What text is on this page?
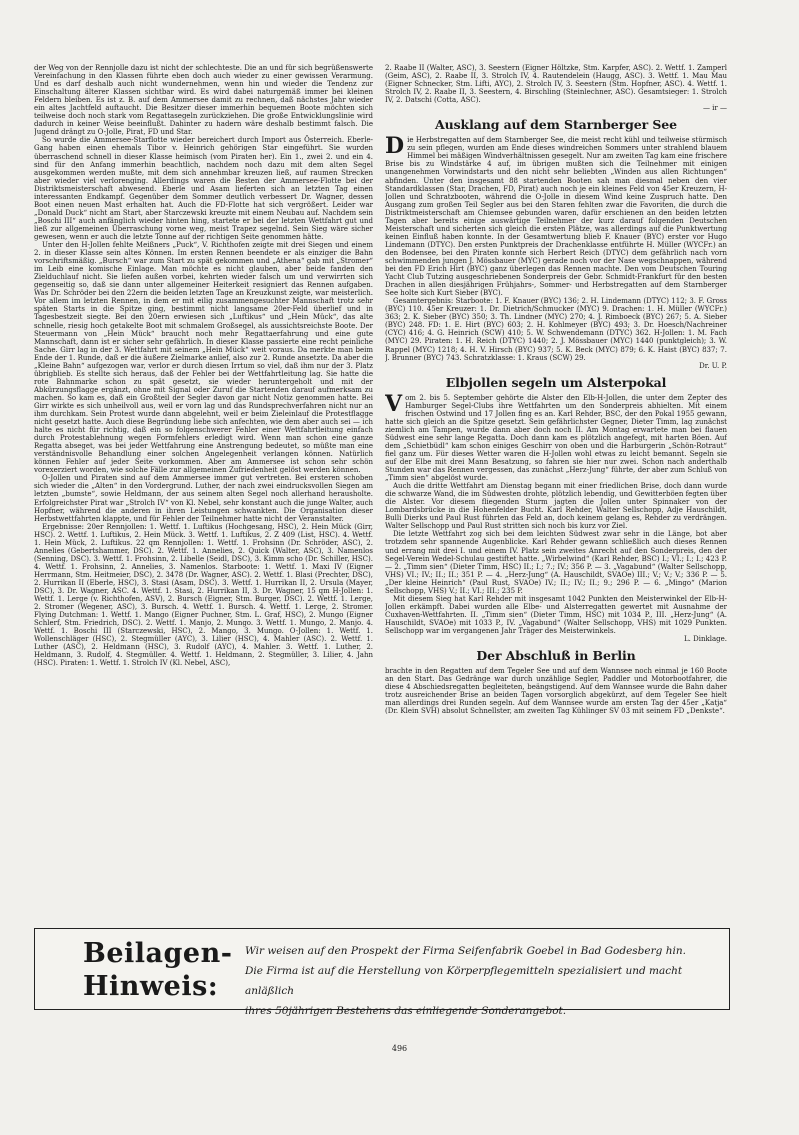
der Weg von der Rennjolle dazu ist nicht der schlechteste. Die an und für sich begrüßenswerte Vereinfachung in den Klassen führte eben doch auch wieder zu einer gewissen Verarmung. Und es darf deshalb auch nicht wundernehmen, wenn hin und wieder die Tendenz zur Einschaltung älterer Klassen sichtbar wird. Es wird dabei naturgemäß immer bei kleinen Feldern bleiben. Es ist z. B. auf dem Ammersee damit zu rechnen, daß nächstes Jahr wieder ein altes Jachtfeld auftaucht. Die Besitzer dieser immerhin bequemen Boote möchten sich teilweise doch noch stark vom Regattasegeln zurückziehen. Die große Entwicklungslinie wird dadurch in keiner Weise beeinflußt. Dahinter zu hadern wäre deshalb bestimmt falsch. Die Jugend drängt zu O-Jolle, Pirat, FD und Star.

So wurde die Ammersee-Starflotte wieder bereichert durch Import aus Österreich. Eberle-Gang haben einen ehemals Tibor v. Heinrich gehörigen Star eingeführt. Sie wurden überraschend schnell in dieser Klasse heimisch (vom Piraten her). Ein 1., zwei 2. und ein 4. sind für den Anfang immerhin beachtlich, nachdem noch dazu mit dem alten Segel ausgekommen werden mußte, mit dem sich annehmbar kreuzen ließ, auf raumen Strecken aber wieder viel verlorenging. Allerdings waren die Besten der Ammersee-Flotte bei der Distriktsmeisterschaft abwesend. Eberle und Asam lieferten sich an letzten Tag einen interessanten Endkampf. Gegenüber dem Sommer deutlich verbessert Dr. Wagner, dessen Boot einen neuen Mast erhalten hat. Auch die FD-Flotte hat sich vergrößert. Leider war „Donald Duck“ nicht am Start, aber Starczewski kreuzte mit einem Neubau auf. Nachdem sein „Boschi III“ auch anfänglich wieder hinten hing, startete er bei der letzten Wettfahrt gut und ließ zur allgemeinen Überraschung vorne weg, meist Trapez segelnd. Sein Sieg wäre sicher gewesen, wenn er auch die letzte Tonne auf der richtigen Seite genommen hätte.

Unter den H-Jollen fehlte Meißners „Puck“, V. Richthofen zeigte mit drei Siegen und einem 2. in dieser Klasse sein altes Können. Im ersten Rennen beendete er als einziger die Bahn vorschriftsmäßig. „Bursch“ war zum Start zu spät gekommen und „Athena“ gab mit „Stromer“ im Leib eine komische Einlage. Man möchte es nicht glauben, aber beide fanden den Zielduchlauf nicht. Sie liefen außen vorbei, kehrten wieder falsch um und verwirrten sich gegenseitig so, daß sie dann unter allgemeiner Heiterkeit resigniert das Rennen aufgaben. Was Dr. Schröder bei den 22ern die beiden letzten Tage an Kreuzkunst zeigte, war meisterlich. Vor allem im letzten Rennen, in dem er mit eilig zusammengesuchter Mannschaft trotz sehr späten Starts in die Spitze ging, bestimmt nicht langsame 20er-Feld überlief und in Tagesbestzeit siegte. Bei den 20ern erwiesen sich „Luftikus“ und „Hein Mück“, das alte schnelle, riesig hoch getakelte Boot mit schmalem Großsegel, als aussichtsreichste Boote. Der Steuermann von „Hein Mück“ braucht noch mehr Regattaerfahrung und eine gute Mannschaft, dann ist er sicher sehr gefährlich. In dieser Klasse passierte eine recht peinliche Sache. Girr lag in der 3. Wettfahrt mit seinem „Hein Mück“ weit voraus. Da merkte man beim Ende der 1. Runde, daß er die äußere Zielmarke anlief, also zur 2. Runde ansetzte. Da aber die „Kleine Bahn“ aufgezogen war, verlor er durch diesen Irrtum so viel, daß ihm nur der 3. Platz übrigblieb. Es stellte sich heraus, daß der Fehler bei der Wettfahrtleitung lag. Sie hatte die rote Bahnmarke schon zu spät gesetzt, sie wieder heruntergeholt und mit der Abkürzungsflagge ergänzt, ohne mit Signal oder Zuruf die Startenden darauf aufmerksam zu machen. So kam es, daß ein Großteil der Segler davon gar nicht Notiz genommen hatte. Bei Girr wirkte es sich unheilvoll aus, weil er vorn lag und das Rundsprechverfahren nicht nur an ihm durchkam. Sein Protest wurde dann abgelehnt, weil er beim Zieleinlauf die Protestflagge nicht gesetzt hatte. Auch diese Begründung liebe sich anfechten, wie dem aber auch sei — ich halte es nicht für richtig, daß ein so folgenschwerer Fehler einer Wettfahrtleitung einfach durch Protestablehnung wegen Formfehlers erledigt wird. Wenn man schon eine ganze Regatta abseget, was bei jeder Wettfahrung eine Anstrengung bedeutet, so müßte man eine verständnisvolle Behandlung einer solchen Angelegenheit verlangen können. Natürlich können Fehler auf jeder Seite vorkommen. Aber am Ammersee ist schon sehr schön vorexerziert worden, wie solche Fälle zur allgemeinen Zufriedenheit gelöst werden können.

O-Jollen und Piraten sind auf dem Ammersee immer gut vertreten. Bei ersteren schoben sich wieder die „Alten“ in den Vordergrund. Luther, der nach zwei eindrucksvollen Siegen am letzten „bumste“, sowie Heldmann, der aus seinem alten Segel noch allerhand herausholte. Erfolgreichster Pirat war „Strolch IV“ von Kl. Nebel, sehr konstant auch die junge Walter, auch Hopfner, während die anderen in ihren Leistungen schwankten. Die Organisation dieser Herbstwettfahrten klappte, und für Fehler der Teilnehmer hatte nicht der Veranstalter.

Ergebnisse: 20er Rennjollen: 1. Wettf. 1. Luftikus (Hochgesang, HSC), 2. Hein Mück (Girr, HSC). 2. Wettf. 1. Luftikus, 2. Hein Mück. 3. Wettf. 1. Luftikus, 2. Z 409 (List, HSC). 4. Wettf. 1. Hein Mück, 2. Luftikus. 22 qm Rennjollen: 1. Wettf. 1. Frohsinn (Dr. Schröder, ASC), 2. Annelies (Gebertshammer, DSC). 2. Wettf. 1. Annelies, 2. Quick (Walter, ASC), 3. Namenlos (Senning, DSC). 3. Wettf. 1. Frohsinn, 2. Libelle (Seidl, DSC), 3. Kimm scho (Dr. Schiller, HSC). 4. Wettf. 1. Frohsinn, 2. Annelies, 3. Namenlos. Starboote: 1. Wettf. 1. Maxi IV (Eigner Herrmann, Stm. Heitmeier, DSC), 2. 3478 (Dr. Wagner, ASC). 2. Wettf. 1. Blasi (Prechter, DSC), 2. Hurrikan II (Eberle, HSC), 3. Stasi (Asam, DSC). 3. Wettf. 1. Hurrikan II, 2. Ursula (Mayer, DSC), 3. Dr. Wagner, ASC. 4. Wettf. 1. Stasi, 2. Hurrikan II, 3. Dr. Wagner, 15 qm H-Jollen: 1. Wettf. 1. Lerge (v. Richthofen, ASV), 2. Bursch (Eigner, Stm. Burger, DSC). 2. Wettf. 1. Lerge, 2. Stromer (Wegener, ASC), 3. Bursch. 4. Wettf. 1. Bursch. 4. Wettf. 1. Lerge, 2. Stromer. Flying Dutchman: 1. Wettf. 1. Mango (Eigner Puchner, Stm. L. Graf, HSC), 2. Mungo (Eigner Schlerf, Stm. Friedrich, DSC). 2. Wettf. 1. Manjo, 2. Mungo. 3. Wettf. 1. Mungo, 2. Manjo. 4. Wettf. 1. Boschi III (Starczewski, HSC), 2. Mango, 3. Mungo. O-Jollen: 1. Wettf. 1. Wollenschläger (HSC), 2. Stegmüller (AYC), 3. Lilier (HSC), 4. Mahler (ASC). 2. Wettf. 1. Luther (ASC), 2. Heldmann (HSC), 3. Rudolf (AYC), 4. Mahler. 3. Wettf. 1. Luther, 2. Heldmann, 3. Rudolf, 4. Stegmüller. 4. Wettf. 1. Heldmann, 2. Stegmüller, 3. Lilier, 4. Jahn (HSC). Piraten: 1. Wettf. 1. Strolch IV (Kl. Nebel, ASC),

2. Raabe II (Walter, ASC), 3. Seestern (Eigner Höltzke, Stm. Karpfer, ASC). 2. Wettf. 1. Zamperl (Geim, ASC), 2. Raabe II, 3. Strolch IV, 4. Rautendelein (Haugg, ASC). 3. Wettf. 1. Mau Mau (Eigner Schnecker, Stm. Lifti, AYC), 2. Strolch IV, 3. Seestern (Stm. Hopfner, ASC). 4. Wettf. 1. Strolch IV, 2. Raabe II, 3. Seestern, 4. Birschling (Steinlechner, ASC). Gesamtsieger: 1. Strolch IV, 2. Datschi (Cotta, ASC).

— ir —

Ausklang auf dem Starnberger See

Die Herbstregatten auf dem Starnberger See, die meist recht kühl und teilweise stürmisch zu sein pflegen, wurden am Ende dieses windreichen Sommers unter strahlend blauem Himmel bei mäßigen Windverhältnissen gesegelt. Nur am zweiten Tag kam eine frischere Brise bis zu Windstärke 4 auf, im übrigen mußten sich die Teilnehmer mit einigen unangenehmen Vorwindstarts und den nicht sehr beliebten „Winden aus allen Richtungen“ abfinden. Unter den insgesamt 88 startenden Booten sah man diesmal neben den vier Standardklassen (Star, Drachen, FD, Pirat) auch noch je ein kleines Feld von 45er Kreuzern, H-Jollen und Schratzbooten, während die O-Jolle in diesem Wind keine Zuspruch hatte. Den Ausgang zum großen Teil Segler aus bei den Staren fehlten zwar die Favoriten, die durch die Distriktmeisterschaft am Chiemsee gebunden waren, dafür erschienen an den beiden letzten Tagen aber bereits einige auswärtige Teilnehmer der kurz darauf folgenden Deutschen Meisterschaft und sicherten sich gleich die ersten Plätze, was allerdings auf die Punktwertung keinen Einfluß haben konnte. In der Gesamtwertung blieb F. Knauer (BYC) erster vor Hugo Lindemann (DTYC). Den ersten Punktpreis der Drachenklasse entführte H. Müller (WYCFr.) an den Bodensee, bei den Piraten konnte sich Herbert Reich (DTYC) dem gefährlich nach vorn schwimmenden jungen J. Mössbauer (MYC) gerade noch vor der Nase wegschnappen, während bei den FD Erich Hirt (BYC) ganz überlegen das Rennen machte. Den vom Deutschen Touring Yacht Club Tutzing ausgeschriebenen Sonderpreis der Gebr. Schmidt-Frankfurt für den besten Drachen in allen diesjährigen Frühjahrs-, Sommer- und Herbstregatten auf dem Starnberger See holte sich Kurt Sieber (BYC).

Gesamtergebnis: Starboote: 1. F. Knauer (BYC) 136; 2. H. Lindemann (DTYC) 112; 3. F. Gross (BYC) 110. 45er Kreuzer: 1. Dr. Dietrich/Schmucker (MYC) 9. Drachen: 1. H. Müller (WYCFr.) 363; 2. K. Sieber (BYC) 350; 3. Th. Lindner (MYC) 270; 4. J. Rimboeck (BYC) 267; 5. A. Sieber (BYC) 248. FD: 1. E. Hirt (BYC) 603; 2. H. Kohlmeyer (BYC) 493; 3. Dr. Hoesch/Nachreiner (CYC) 416; 4. G. Heinrich (SCW) 410; 5. W. Schwendemann (DTYC) 362. H-Jollen: 1. M. Fach (MYC) 29. Piraten: 1. H. Reich (DTYC) 1440; 2. J. Mössbauer (MYC) 1440 (punktgleich); 3. W. Rappel (MYC) 1218; 4. H. V. Hirsch (BYC) 937; 5. K. Beck (MYC) 879; 6. K. Haist (BYC) 837; 7. J. Brunner (BYC) 743. Schratzklasse: 1. Kraus (SCW) 29.

Dr. U. P.

Elbjollen segeln um Alsterpokal

Vom 2. bis 5. September gehörte die Alster den Elb-H-Jollen, die unter dem Zepter des Hamburger Segel-Clubs ihre Wettfahrten um den Sonderpreis abhielten. Mit einem frischen Ostwind und 17 Jollen fing es an. Karl Rehder, BSC, der den Pokal 1955 gewann, hatte sich gleich an die Spitze gesetzt. Sein gefährlichster Gegner, Dieter Timm, lag zunächst ziemlich am Tampen, wurde dann aber doch noch II. Am Montag erwartete man bei flauen Südwest eine sehr lange Regatta. Doch dann kam es plötzlich angefegt, mit harten Böen. Auf dem „Schietbüdl“ kam schon einiges Geschirr von oben und die Harburgerin „Schön-Rotraut“ fiel ganz um. Für dieses Wetter waren die H-Jollen wohl etwas zu leicht bemannt. Segeln sie auf der Elbe mit drei Mann Besatzung, so fahren sie hier nur zwei. Schon nach anderthalb Stunden war das Rennen vergessen, das zunächst „Herz-Jung“ führte, der aber zum Schluß von „Timm sien“ abgelöst wurde.

Auch die dritte Wettfahrt am Dienstag begann mit einer friedlichen Brise, doch dann wurde die schwarze Wand, die im Südwesten drohte, plötzlich lebendig, und Gewitterböen fegten über die Alster. Vor diesem fliegenden Sturm jagten die Jollen unter Spinnaker von der Lombardsbrücke in die Hohenfelder Bucht. Karl Rehder, Walter Sellschopp, Adje Hauschildt, Bulli Dierks und Paul Rust führten das Feld an, doch keinem gelang es, Rehder zu verdrängen. Walter Sellschopp und Paul Rust stritten sich noch bis kurz vor Ziel.

Die letzte Wettfahrt zog sich bei dem leichten Südwest zwar sehr in die Länge, bot aber trotzdem sehr spannende Augenblicke. Karl Rehder gewann schließlich auch dieses Rennen und errang mit drei I. und einem IV. Platz sein zweites Anrecht auf den Sonderpreis, den der Segel-Verein Wedel-Schulau gestiftet hatte. „Wirbelwind“ (Karl Rehder, BSC) I.; VI.; I.; I.; 423 P. — 2. „Timm sien“ (Dieter Timm, HSC) II.; I.; 7.; IV.; 356 P. — 3. „Vagabund“ (Walter Sellschopp, VHS) VI.; IV.; II.; II.; 351 P. — 4. „Herz-Jung“ (A. Hauschildt, SVAOe) III.; V.; V.; V.; 336 P. — 5. „Der kleine Heinrich“ (Paul Rust, SVAOe) IV.; II.; IV.; II.; 9.; 296 P. — 6. „Mingo“ (Marion Sellschopp, VHS) V.; II.; VI.; III.; 235 P.

Mit diesem Sieg hat Karl Rehder mit insgesamt 1042 Punkten den Meisterwinkel der Elb-H-Jollen erkämpft. Dabei wurden alle Elbe- und Alsterregatten gewertet mit Ausnahme der Cuxhaven-Wettfahrten. II. „Timm sien“ (Dieter Timm, HSC) mit 1034 P., III. „Herz-Jung“ (A. Hauschildt, SVAOe) mit 1033 P., IV. „Vagabund“ (Walter Sellschopp, VHS) mit 1029 Punkten. Sellschopp war im vergangenen Jahr Träger des Meisterwinkels.

L. Dinklage.

Der Abschluß in Berlin

brachte in den Regatten auf dem Tegeler See und auf dem Wannsee noch einmal je 160 Boote an den Start. Das Gedränge war durch unzählige Segler, Paddler und Motorbootfahrer, die diese 4 Abschiedsregatten begleiteten, beängstigend. Auf dem Wannsee wurde die Bahn daher trotz ausreichender Brise an beiden Tagen vorsorglich abgekürzt, auf dem Tegeler See hielt man allerdings drei Runden segeln. Auf dem Wannsee wurde am ersten Tag der 45er „Katja“ (Dr. Klein SVH) absolut Schnellster, am zweiten Tag Kühlinger SV 03 mit seinem FD „Denkste“.

Beilagen-
Hinweis:
Wir weisen auf den Prospekt der Firma Seifenfabrik Goebel in Bad Godesberg hin.
Die Firma ist auf die Herstellung von Körperpflegemitteln spezialisiert und macht anläßlich
ihres 50jährigen Bestehens das einliegende Sonderangebot.
496
